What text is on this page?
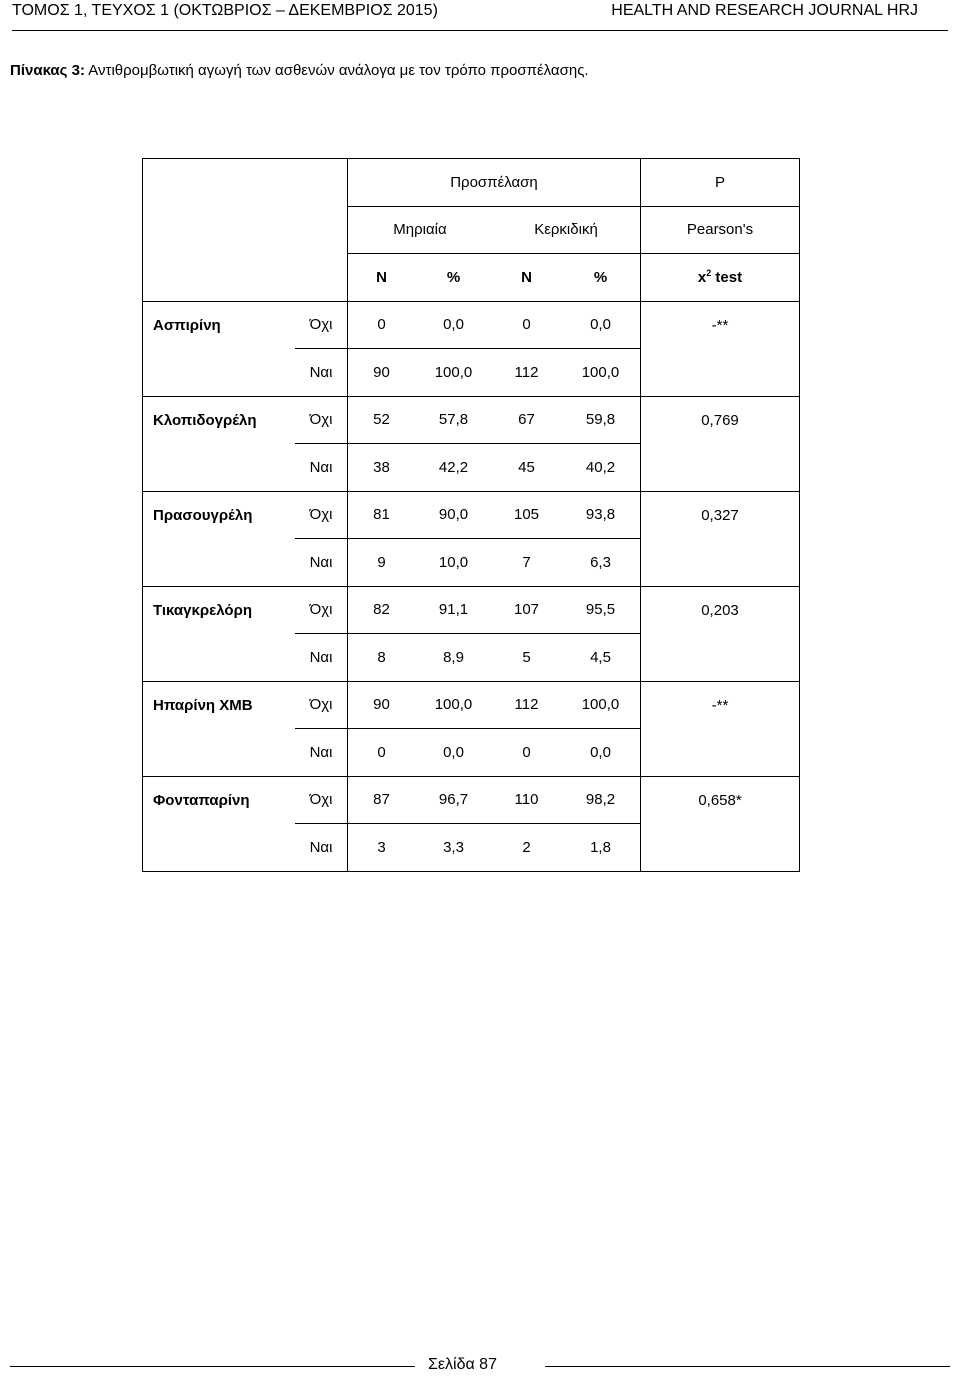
ΤΟΜΟΣ 1, ΤΕΥΧΟΣ 1 (ΟΚΤΩΒΡΙΟΣ – ΔΕΚΕΜΒΡΙΟΣ 2015)	HEALTH AND RESEARCH JOURNAL HRJ
Πίνακας 3: Αντιθρομβωτική αγωγή των ασθενών ανάλογα με τον τρόπο προσπέλασης.
		Προσπέλαση				P
		Μηριαία		Κερκιδική		Pearson's
		N	%	N	%	$x^2$ test
Ασπιρίνη	Όχι	0	0,0	0	0,0	-**
	Ναι	90	100,0	112	100,0	
Κλοπιδογρέλη	Όχι	52	57,8	67	59,8	0,769
	Ναι	38	42,2	45	40,2	
Πρασουγρέλη	Όχι	81	90,0	105	93,8	0,327
	Ναι	9	10,0	7	6,3	
Τικαγκρελόρη	Όχι	82	91,1	107	95,5	0,203
	Ναι	8	8,9	5	4,5	
Ηπαρίνη ΧΜΒ	Όχι	90	100,0	112	100,0	-**
	Ναι	0	0,0	0	0,0	
Φονταπαρίνη	Όχι	87	96,7	110	98,2	0,658*
	Ναι	3	3,3	2	1,8	
Σελίδα 87
